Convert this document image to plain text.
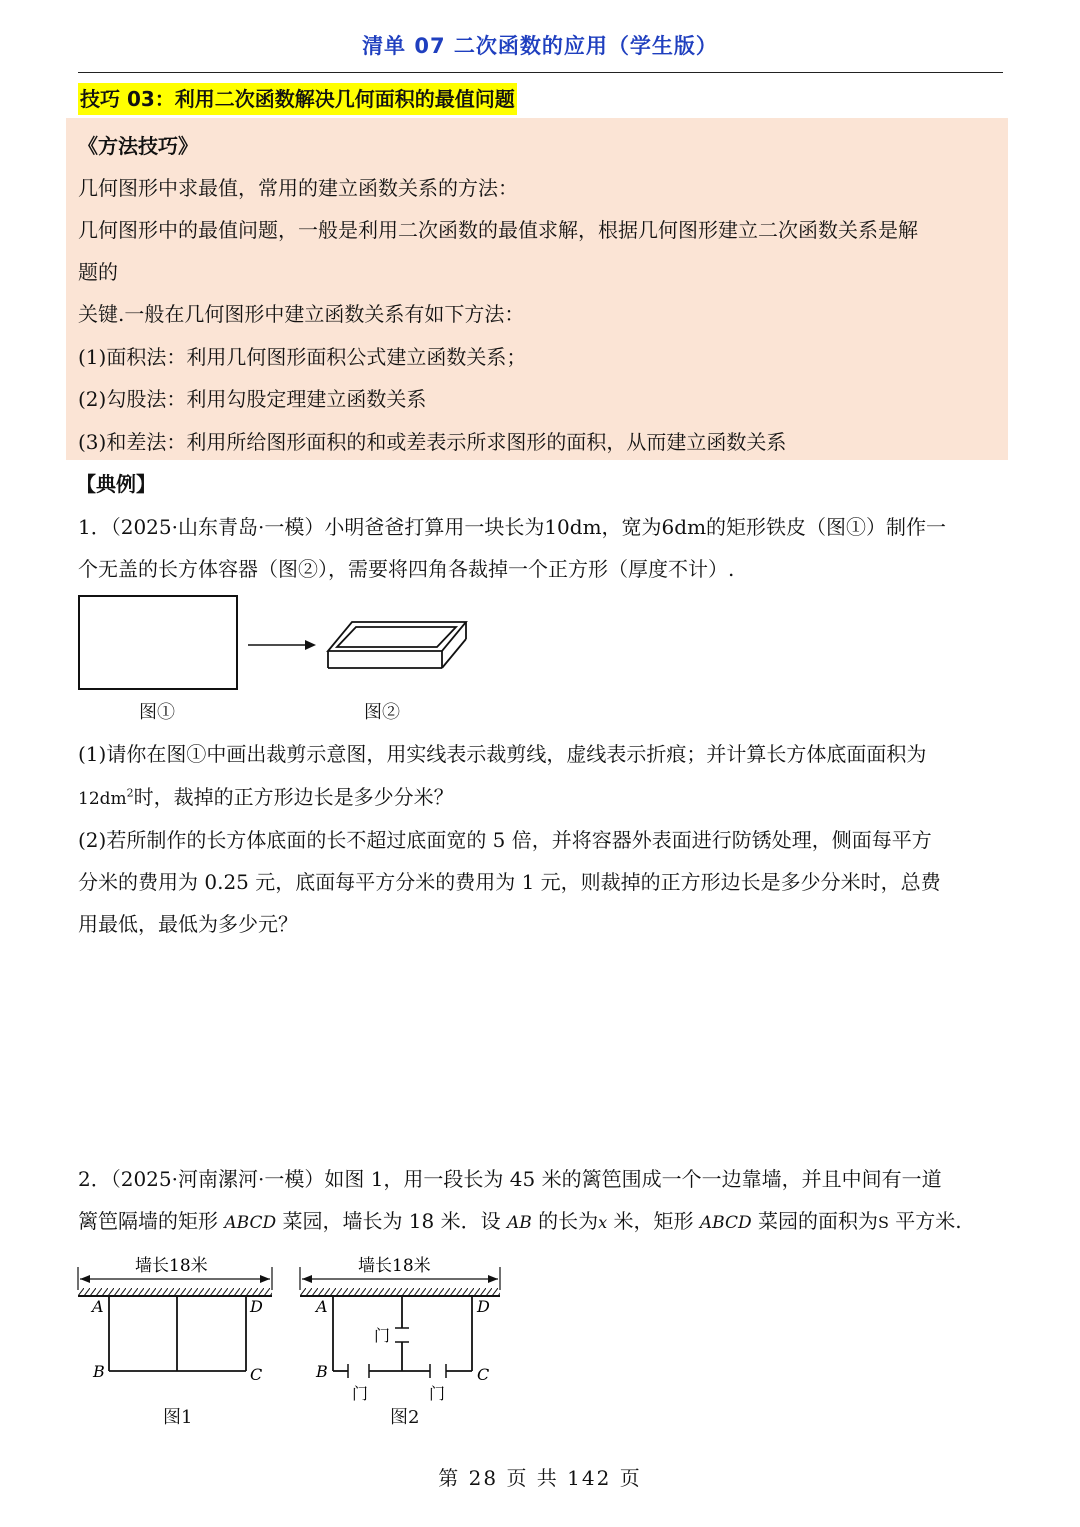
清单 07 二次函数的应用（学生版）
技巧 03：利用二次函数解决几何面积的最值问题
《方法技巧》
几何图形中求最值，常用的建立函数关系的方法：
几何图形中的最值问题，一般是利用二次函数的最值求解，根据几何图形建立二次函数关系是解
题的
关键.一般在几何图形中建立函数关系有如下方法：
(1)面积法：利用几何图形面积公式建立函数关系；
(2)勾股法：利用勾股定理建立函数关系
(3)和差法：利用所给图形面积的和或差表示所求图形的面积，从而建立函数关系
【典例】
1．（2025·山东青岛·一模）小明爸爸打算用一块长为10dm，宽为6dm的矩形铁皮（图①）制作一
个无盖的长方体容器（图②），需要将四角各裁掉一个正方形（厚度不计）.
图①	图②
(1)请你在图①中画出裁剪示意图，用实线表示裁剪线，虚线表示折痕；并计算长方体底面面积为
$12dm^2$时，裁掉的正方形边长是多少分米？
(2)若所制作的长方体底面的长不超过底面宽的 5 倍，并将容器外表面进行防锈处理，侧面每平方
分米的费用为 0.25 元，底面每平方分米的费用为 1 元，则裁掉的正方形边长是多少分米时，总费
用最低，最低为多少元？
2．（2025·河南漯河·一模）如图 1，用一段长为 45 米的篱笆围成一个一边靠墙，并且中间有一道
篱笆隔墙的矩形 ABCD 菜园，墙长为 18 米．设 AB 的长为x 米，矩形 ABCD 菜园的面积为S 平方米.
墙长18米
A	D
B	C
墙长18米
A	D
B	C
门
门	门
图1	图2
第 28 页 共 142 页
